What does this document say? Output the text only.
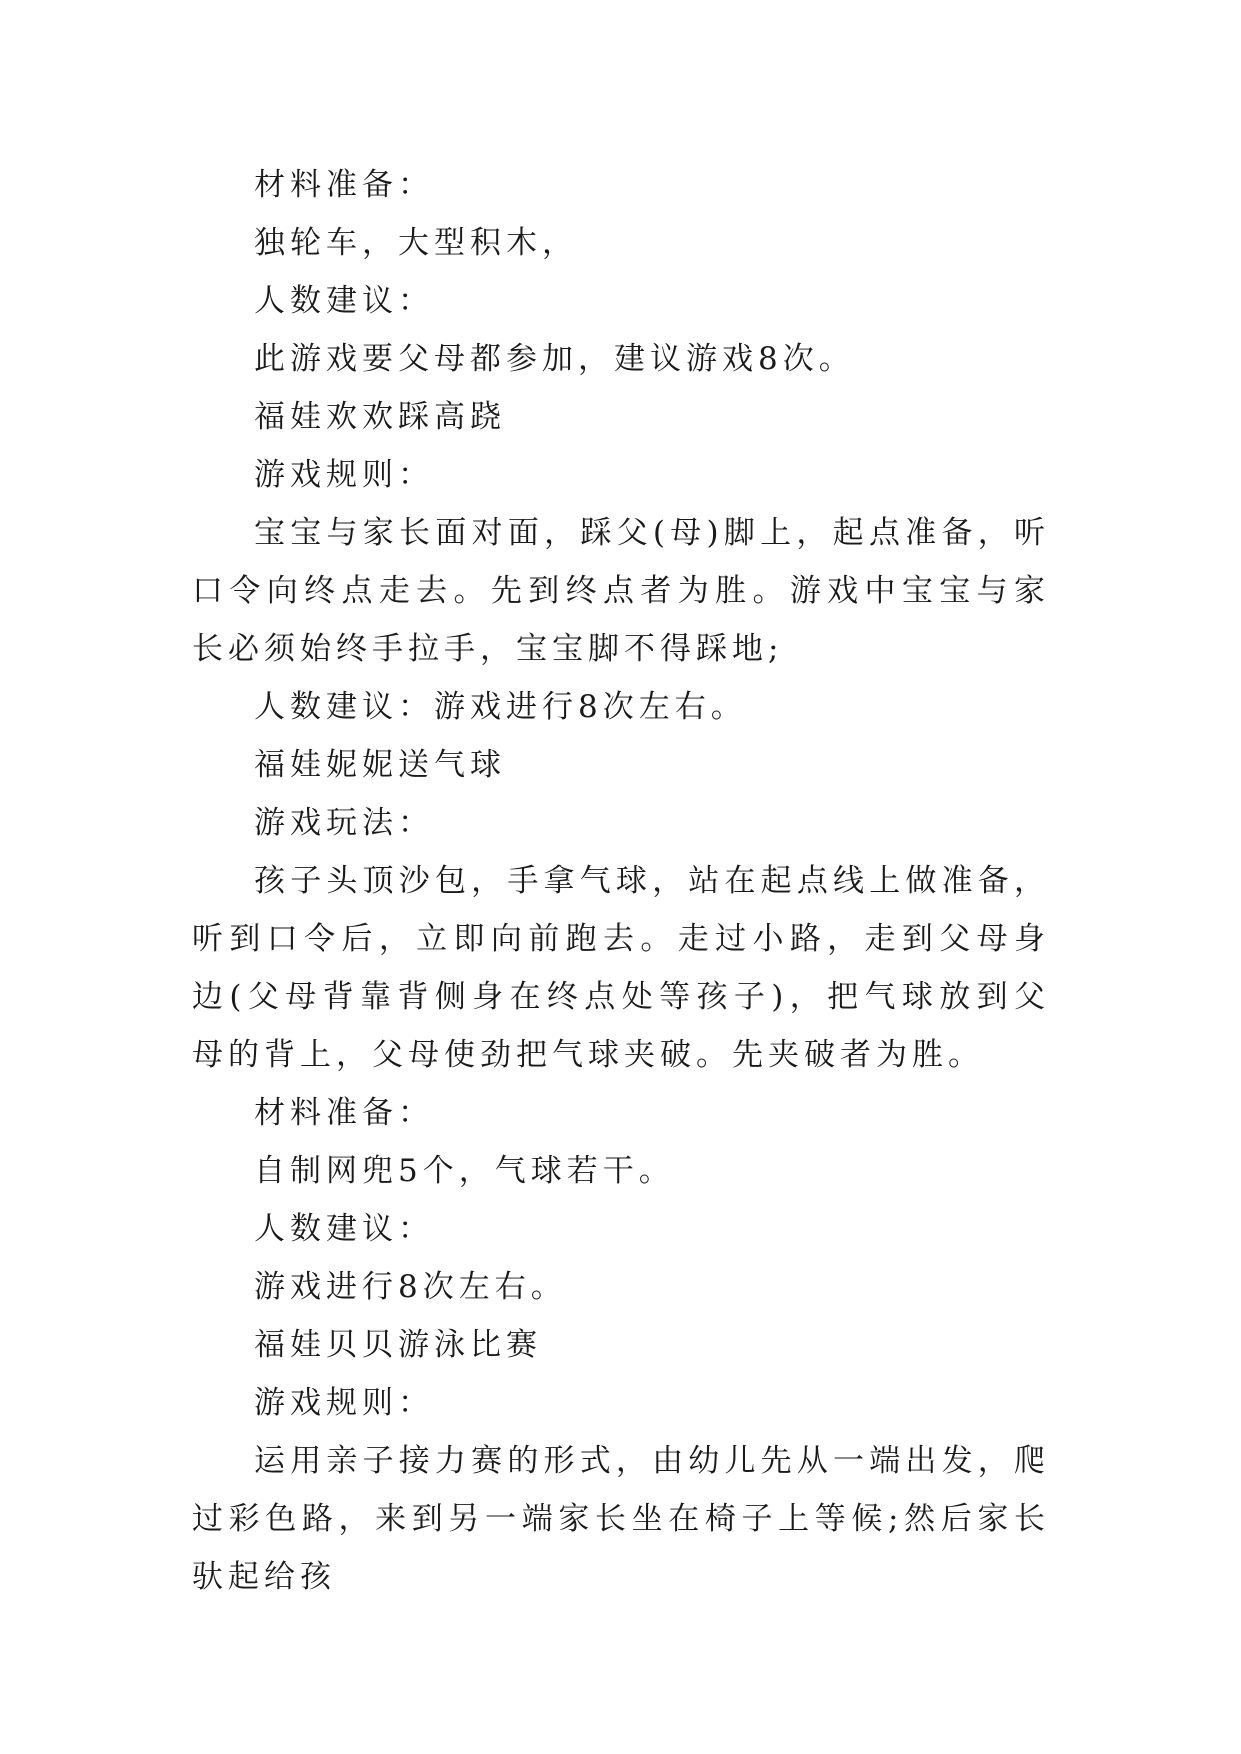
材料准备：

独轮车，大型积木，

人数建议：

此游戏要父母都参加，建议游戏8次。

福娃欢欢踩高跷

游戏规则：

宝宝与家长面对面，踩父(母)脚上，起点准备，听口令向终点走去。先到终点者为胜。游戏中宝宝与家长必须始终手拉手，宝宝脚不得踩地;

人数建议：游戏进行8次左右。

福娃妮妮送气球

游戏玩法：

孩子头顶沙包，手拿气球，站在起点线上做准备，听到口令后，立即向前跑去。走过小路，走到父母身边(父母背靠背侧身在终点处等孩子)，把气球放到父母的背上，父母使劲把气球夹破。先夹破者为胜。

材料准备：

自制网兜5个，气球若干。

人数建议：

游戏进行8次左右。

福娃贝贝游泳比赛

游戏规则：

运用亲子接力赛的形式，由幼儿先从一端出发，爬过彩色路，来到另一端家长坐在椅子上等候;然后家长驮起给孩
